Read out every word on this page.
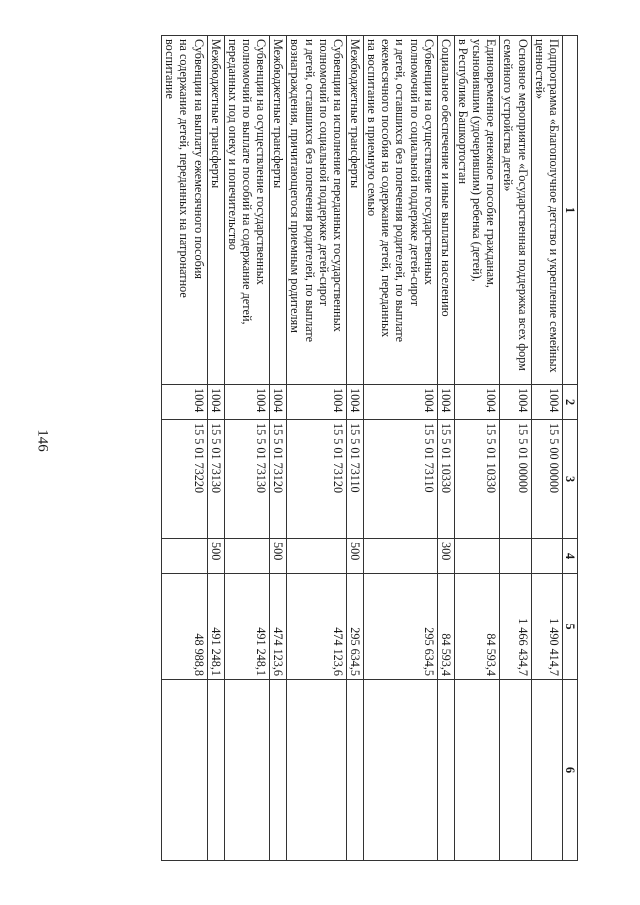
146
1	2	3	4	5	6
Подпрограмма «Благополучное детство и укрепление семейных ценностей»	1004	15 5 00 00000		1 490 414,7	
Основное мероприятие «Государственная поддержка всех форм семейного устройства детей»	1004	15 5 01 00000		1 466 434,7	
Единовременное денежное пособие гражданам,
усыновившим (удочерившим) ребенка (детей),
в Республике Башкортостан	1004	15 5 01 10330		84 593,4	
Социальное обеспечение и иные выплаты населению	1004	15 5 01 10330	300	84 593,4	
Субвенции на осуществление государственных
полномочий по социальной поддержке детей-сирот
и детей, оставшихся без попечения родителей, по выплате
ежемесячного пособия на содержание детей, переданных
на воспитание в приемную семью	1004	15 5 01 73110		295 634,5	
Межбюджетные трансферты	1004	15 5 01 73110	500	295 634,5	
Субвенции на исполнение переданных государственных
полномочий по социальной поддержке детей-сирот
и детей, оставшихся без попечения родителей, по выплате
вознаграждения, причитающегося приемным родителям	1004	15 5 01 73120		474 123,6	
Межбюджетные трансферты	1004	15 5 01 73120	500	474 123,6	
Субвенции на осуществление государственных
полномочий по выплате пособий на содержание детей,
переданных под опеку и попечительство	1004	15 5 01 73130		491 248,1	
Межбюджетные трансферты	1004	15 5 01 73130	500	491 248,1	
Субвенции на выплату ежемесячного пособия
на содержание детей, переданных на патронатное
воспитание	1004	15 5 01 73220		48 988,8	
